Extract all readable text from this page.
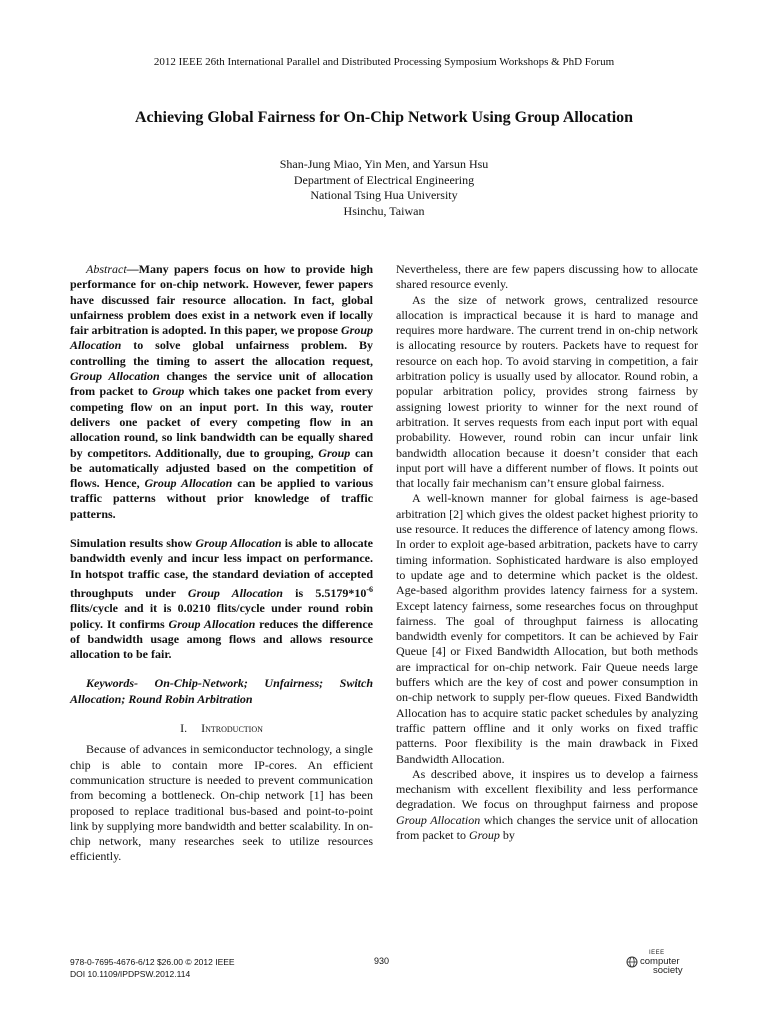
2012 IEEE 26th International Parallel and Distributed Processing Symposium Workshops & PhD Forum
Achieving Global Fairness for On-Chip Network Using Group Allocation
Shan-Jung Miao, Yin Men, and Yarsun Hsu
Department of Electrical Engineering
National Tsing Hua University
Hsinchu, Taiwan

Abstract—Many papers focus on how to provide high performance for on-chip network. However, fewer papers have discussed fair resource allocation. In fact, global unfairness problem does exist in a network even if locally fair arbitration is adopted. In this paper, we propose Group Allocation to solve global unfairness problem. By controlling the timing to assert the allocation request, Group Allocation changes the service unit of allocation from packet to Group which takes one packet from every competing flow on an input port. In this way, router delivers one packet of every competing flow in an allocation round, so link bandwidth can be equally shared by competitors. Additionally, due to grouping, Group can be automatically adjusted based on the competition of flows. Hence, Group Allocation can be applied to various traffic patterns without prior knowledge of traffic patterns.

Simulation results show Group Allocation is able to allocate bandwidth evenly and incur less impact on performance. In hotspot traffic case, the standard deviation of accepted throughputs under Group Allocation is $5.5179*10^{-6}$ flits/cycle and it is 0.0210 flits/cycle under round robin policy. It confirms Group Allocation reduces the difference of bandwidth usage among flows and allows resource allocation to be fair.

Keywords- On-Chip-Network; Unfairness; Switch Allocation; Round Robin Arbitration

I. Introduction

Because of advances in semiconductor technology, a single chip is able to contain more IP-cores. An efficient communication structure is needed to prevent communication from becoming a bottleneck. On-chip network [1] has been proposed to replace traditional bus-based and point-to-point link by supplying more bandwidth and better scalability. In on-chip network, many researches seek to utilize resources efficiently.

Nevertheless, there are few papers discussing how to allocate shared resource evenly.

As the size of network grows, centralized resource allocation is impractical because it is hard to manage and requires more hardware. The current trend in on-chip network is allocating resource by routers. Packets have to request for resource on each hop. To avoid starving in competition, a fair arbitration policy is usually used by allocator. Round robin, a popular arbitration policy, provides strong fairness by assigning lowest priority to winner for the next round of arbitration. It serves requests from each input port with equal probability. However, round robin can incur unfair link bandwidth allocation because it doesn’t consider that each input port will have a different number of flows. It points out that locally fair mechanism can’t ensure global fairness.

A well-known manner for global fairness is age-based arbitration [2] which gives the oldest packet highest priority to use resource. It reduces the difference of latency among flows. In order to exploit age-based arbitration, packets have to carry timing information. Sophisticated hardware is also employed to update age and to determine which packet is the oldest. Age-based algorithm provides latency fairness for a system. Except latency fairness, some researches focus on throughput fairness. The goal of throughput fairness is allocating bandwidth evenly for competitors. It can be achieved by Fair Queue [4] or Fixed Bandwidth Allocation, but both methods are impractical for on-chip network. Fair Queue needs large buffers which are the key of cost and power consumption in on-chip network to supply per-flow queues. Fixed Bandwidth Allocation has to acquire static packet schedules by analyzing traffic pattern offline and it only works on fixed traffic patterns. Poor flexibility is the main drawback in Fixed Bandwidth Allocation.

As described above, it inspires us to develop a fairness mechanism with excellent flexibility and less performance degradation. We focus on throughput fairness and propose Group Allocation which changes the service unit of allocation from packet to Group by

978-0-7695-4676-6/12 $26.00 © 2012 IEEE
DOI 10.1109/IPDPSW.2012.114
930
IEEE
computer
society
